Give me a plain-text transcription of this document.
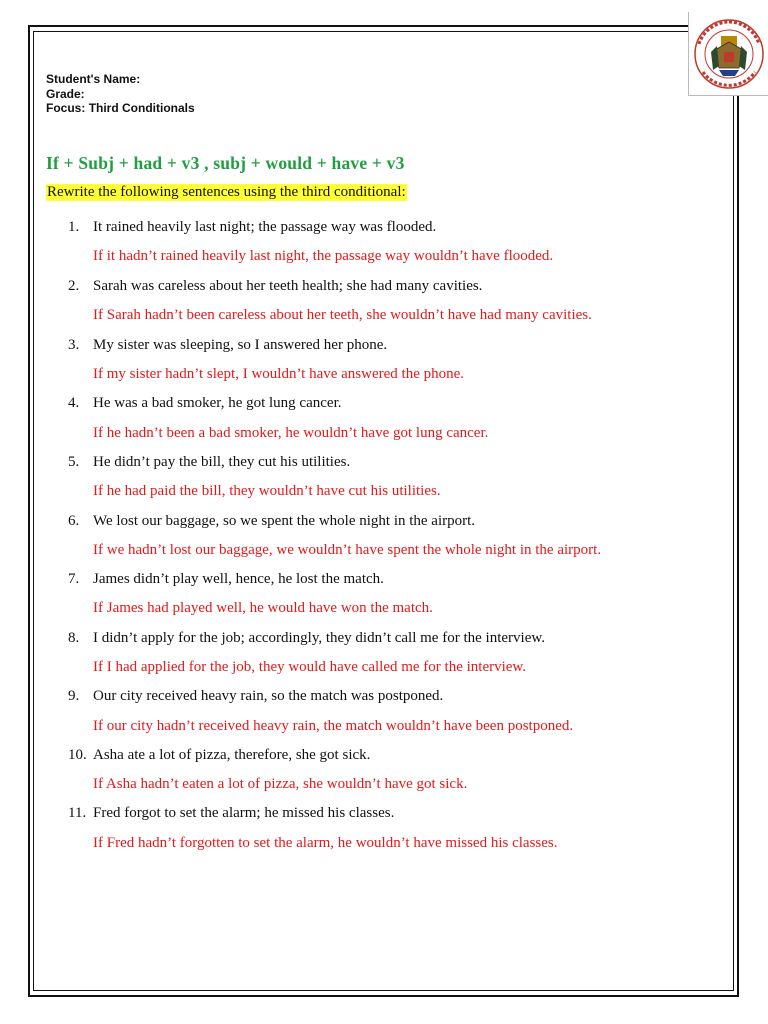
Student's Name:
Grade:
Focus: Third Conditionals
If + Subj + had + v3 , subj + would + have + v3
Rewrite the following sentences using the third conditional:
1. It rained heavily last night; the passage way was flooded.
If it hadn’t rained heavily last night, the passage way wouldn’t have flooded.
2. Sarah was careless about her teeth health; she had many cavities.
If Sarah hadn’t been careless about her teeth, she wouldn’t have had many cavities.
3. My sister was sleeping, so I answered her phone.
If my sister hadn’t slept, I wouldn’t have answered the phone.
4. He was a bad smoker, he got lung cancer.
If he hadn’t been a bad smoker, he wouldn’t have got lung cancer.
5. He didn’t pay the bill, they cut his utilities.
If he had paid the bill, they wouldn’t have cut his utilities.
6. We lost our baggage, so we spent the whole night in the airport.
If we hadn’t lost our baggage, we wouldn’t have spent the whole night in the airport.
7. James didn’t play well, hence, he lost the match.
If James had played well, he would have won the match.
8. I didn’t apply for the job; accordingly, they didn’t call me for the interview.
If I had applied for the job, they would have called me for the interview.
9. Our city received heavy rain, so the match was postponed.
If our city hadn’t received heavy rain, the match wouldn’t have been postponed.
10. Asha ate a lot of pizza, therefore, she got sick.
If Asha hadn’t eaten a lot of pizza, she wouldn’t have got sick.
11. Fred forgot to set the alarm; he missed his classes.
If Fred hadn’t forgotten to set the alarm, he wouldn’t have missed his classes.
